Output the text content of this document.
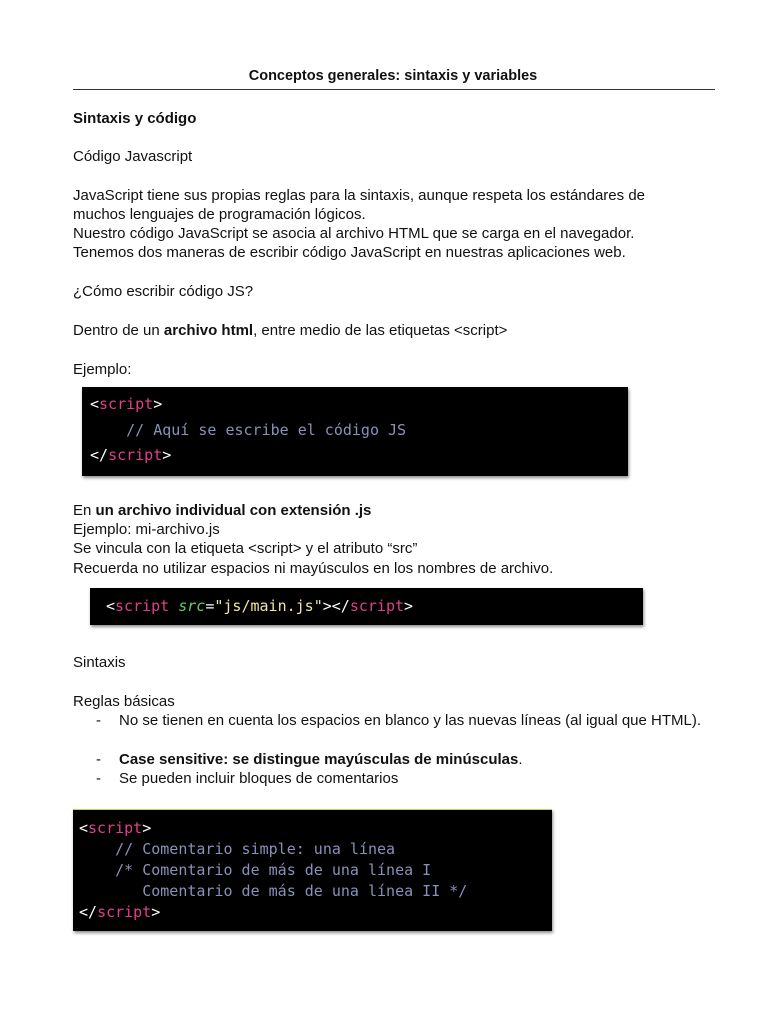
Conceptos generales: sintaxis y variables
Sintaxis y código
Código Javascript
JavaScript tiene sus propias reglas para la sintaxis, aunque respeta los estándares de
muchos lenguajes de programación lógicos.
Nuestro código JavaScript se asocia al archivo HTML que se carga en el navegador.
Tenemos dos maneras de escribir código JavaScript en nuestras aplicaciones web.
¿Cómo escribir código JS?
Dentro de un archivo html, entre medio de las etiquetas <script>
Ejemplo:
<script>
// Aquí se escribe el código JS
</script>
En un archivo individual con extensión .js
Ejemplo: mi-archivo.js
Se vincula con la etiqueta <script> y el atributo “src”
Recuerda no utilizar espacios ni mayúsculos en los nombres de archivo.
<script src="js/main.js"></script>
Sintaxis
Reglas básicas
- No se tienen en cuenta los espacios en blanco y las nuevas líneas (al igual que HTML).
- Case sensitive: se distingue mayúsculas de minúsculas.
- Se pueden incluir bloques de comentarios
<script>
// Comentario simple: una línea
/* Comentario de más de una línea I
Comentario de más de una línea II */
</script>
